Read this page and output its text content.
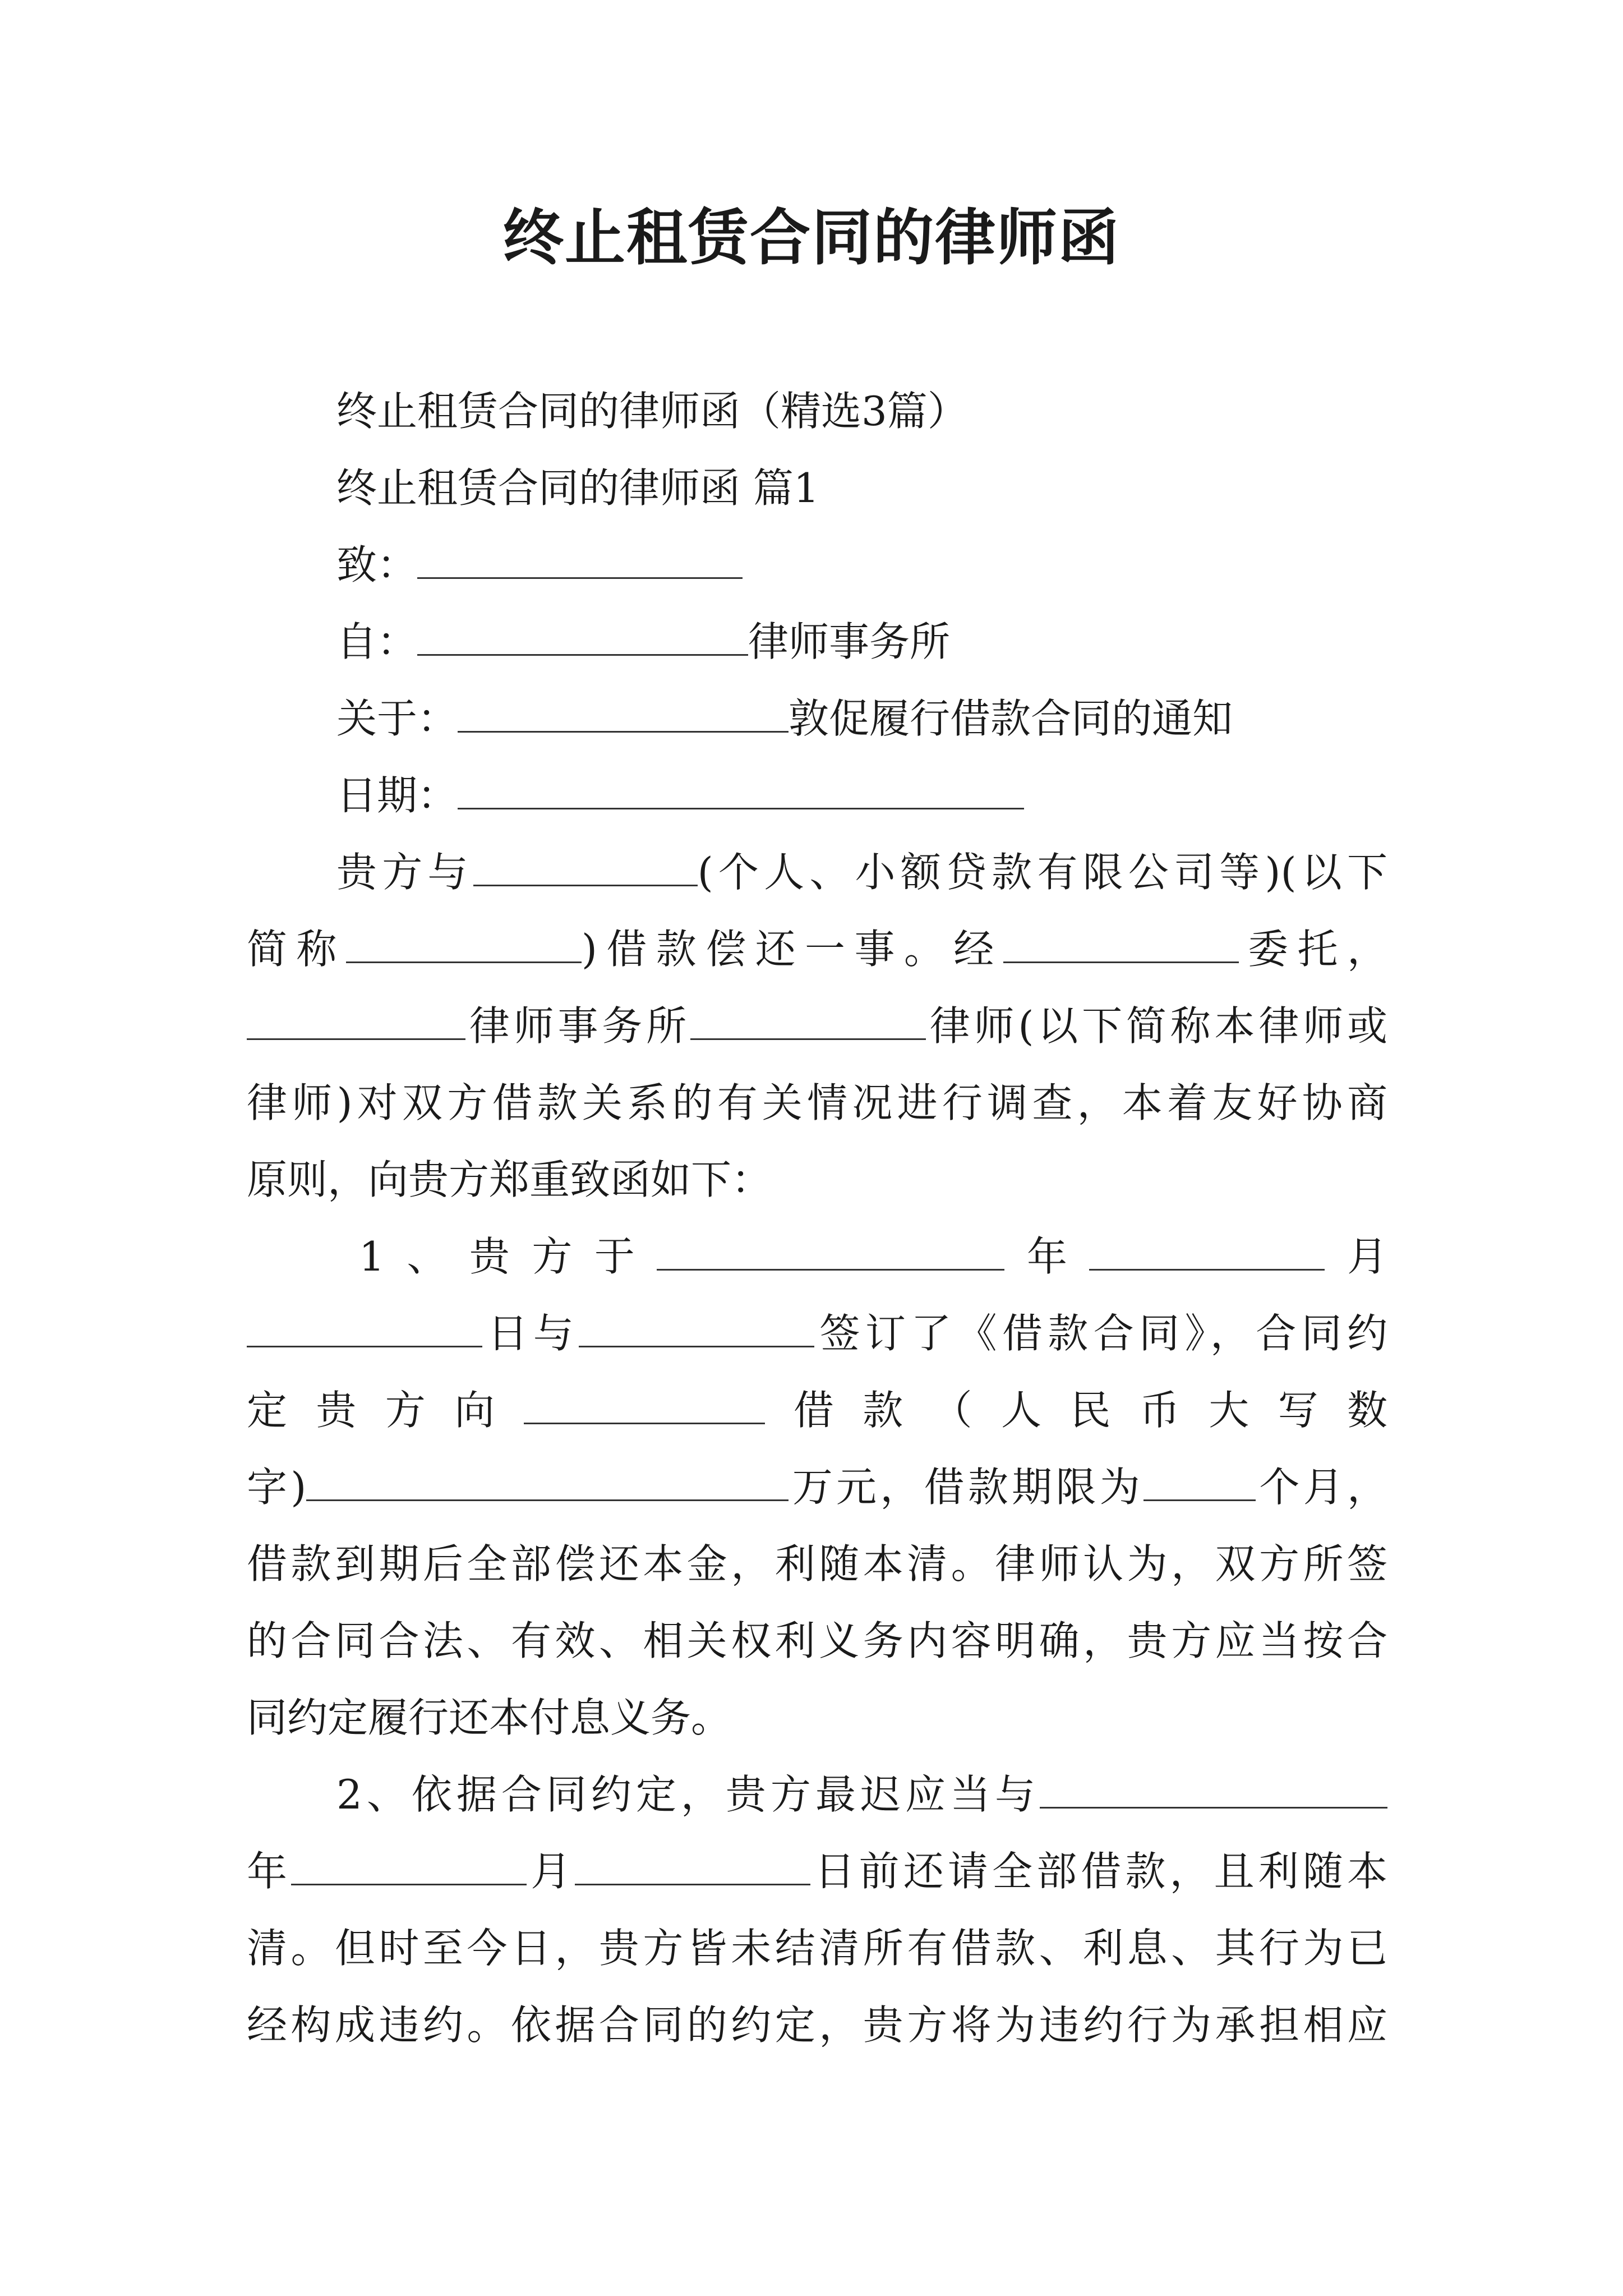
终止租赁合同的律师函
终止租赁合同的律师函（精选3篇）
终止租赁合同的律师函 篇1
致：
自：	律师事务所
关于：	敦促履行借款合同的通知
日期：
贵方与	(个人、小额贷款有限公司等)(以下
简称	)借款偿还一事。经	委托，
律师事务所	律师(以下简称本律师或
律师)对双方借款关系的有关情况进行调查，本着友好协商
原则，向贵方郑重致函如下：
1、贵方于	年	月
日与	签订了《借款合同》，合同约
定贵方向	借款（人民币大写数
字)	万元，借款期限为	个月，
借款到期后全部偿还本金，利随本清。律师认为，双方所签
的合同合法、有效、相关权利义务内容明确，贵方应当按合
同约定履行还本付息义务。
2、依据合同约定，贵方最迟应当与
年	月	日前还请全部借款，且利随本
清。但时至今日，贵方皆未结清所有借款、利息、其行为已
经构成违约。依据合同的约定，贵方将为违约行为承担相应
